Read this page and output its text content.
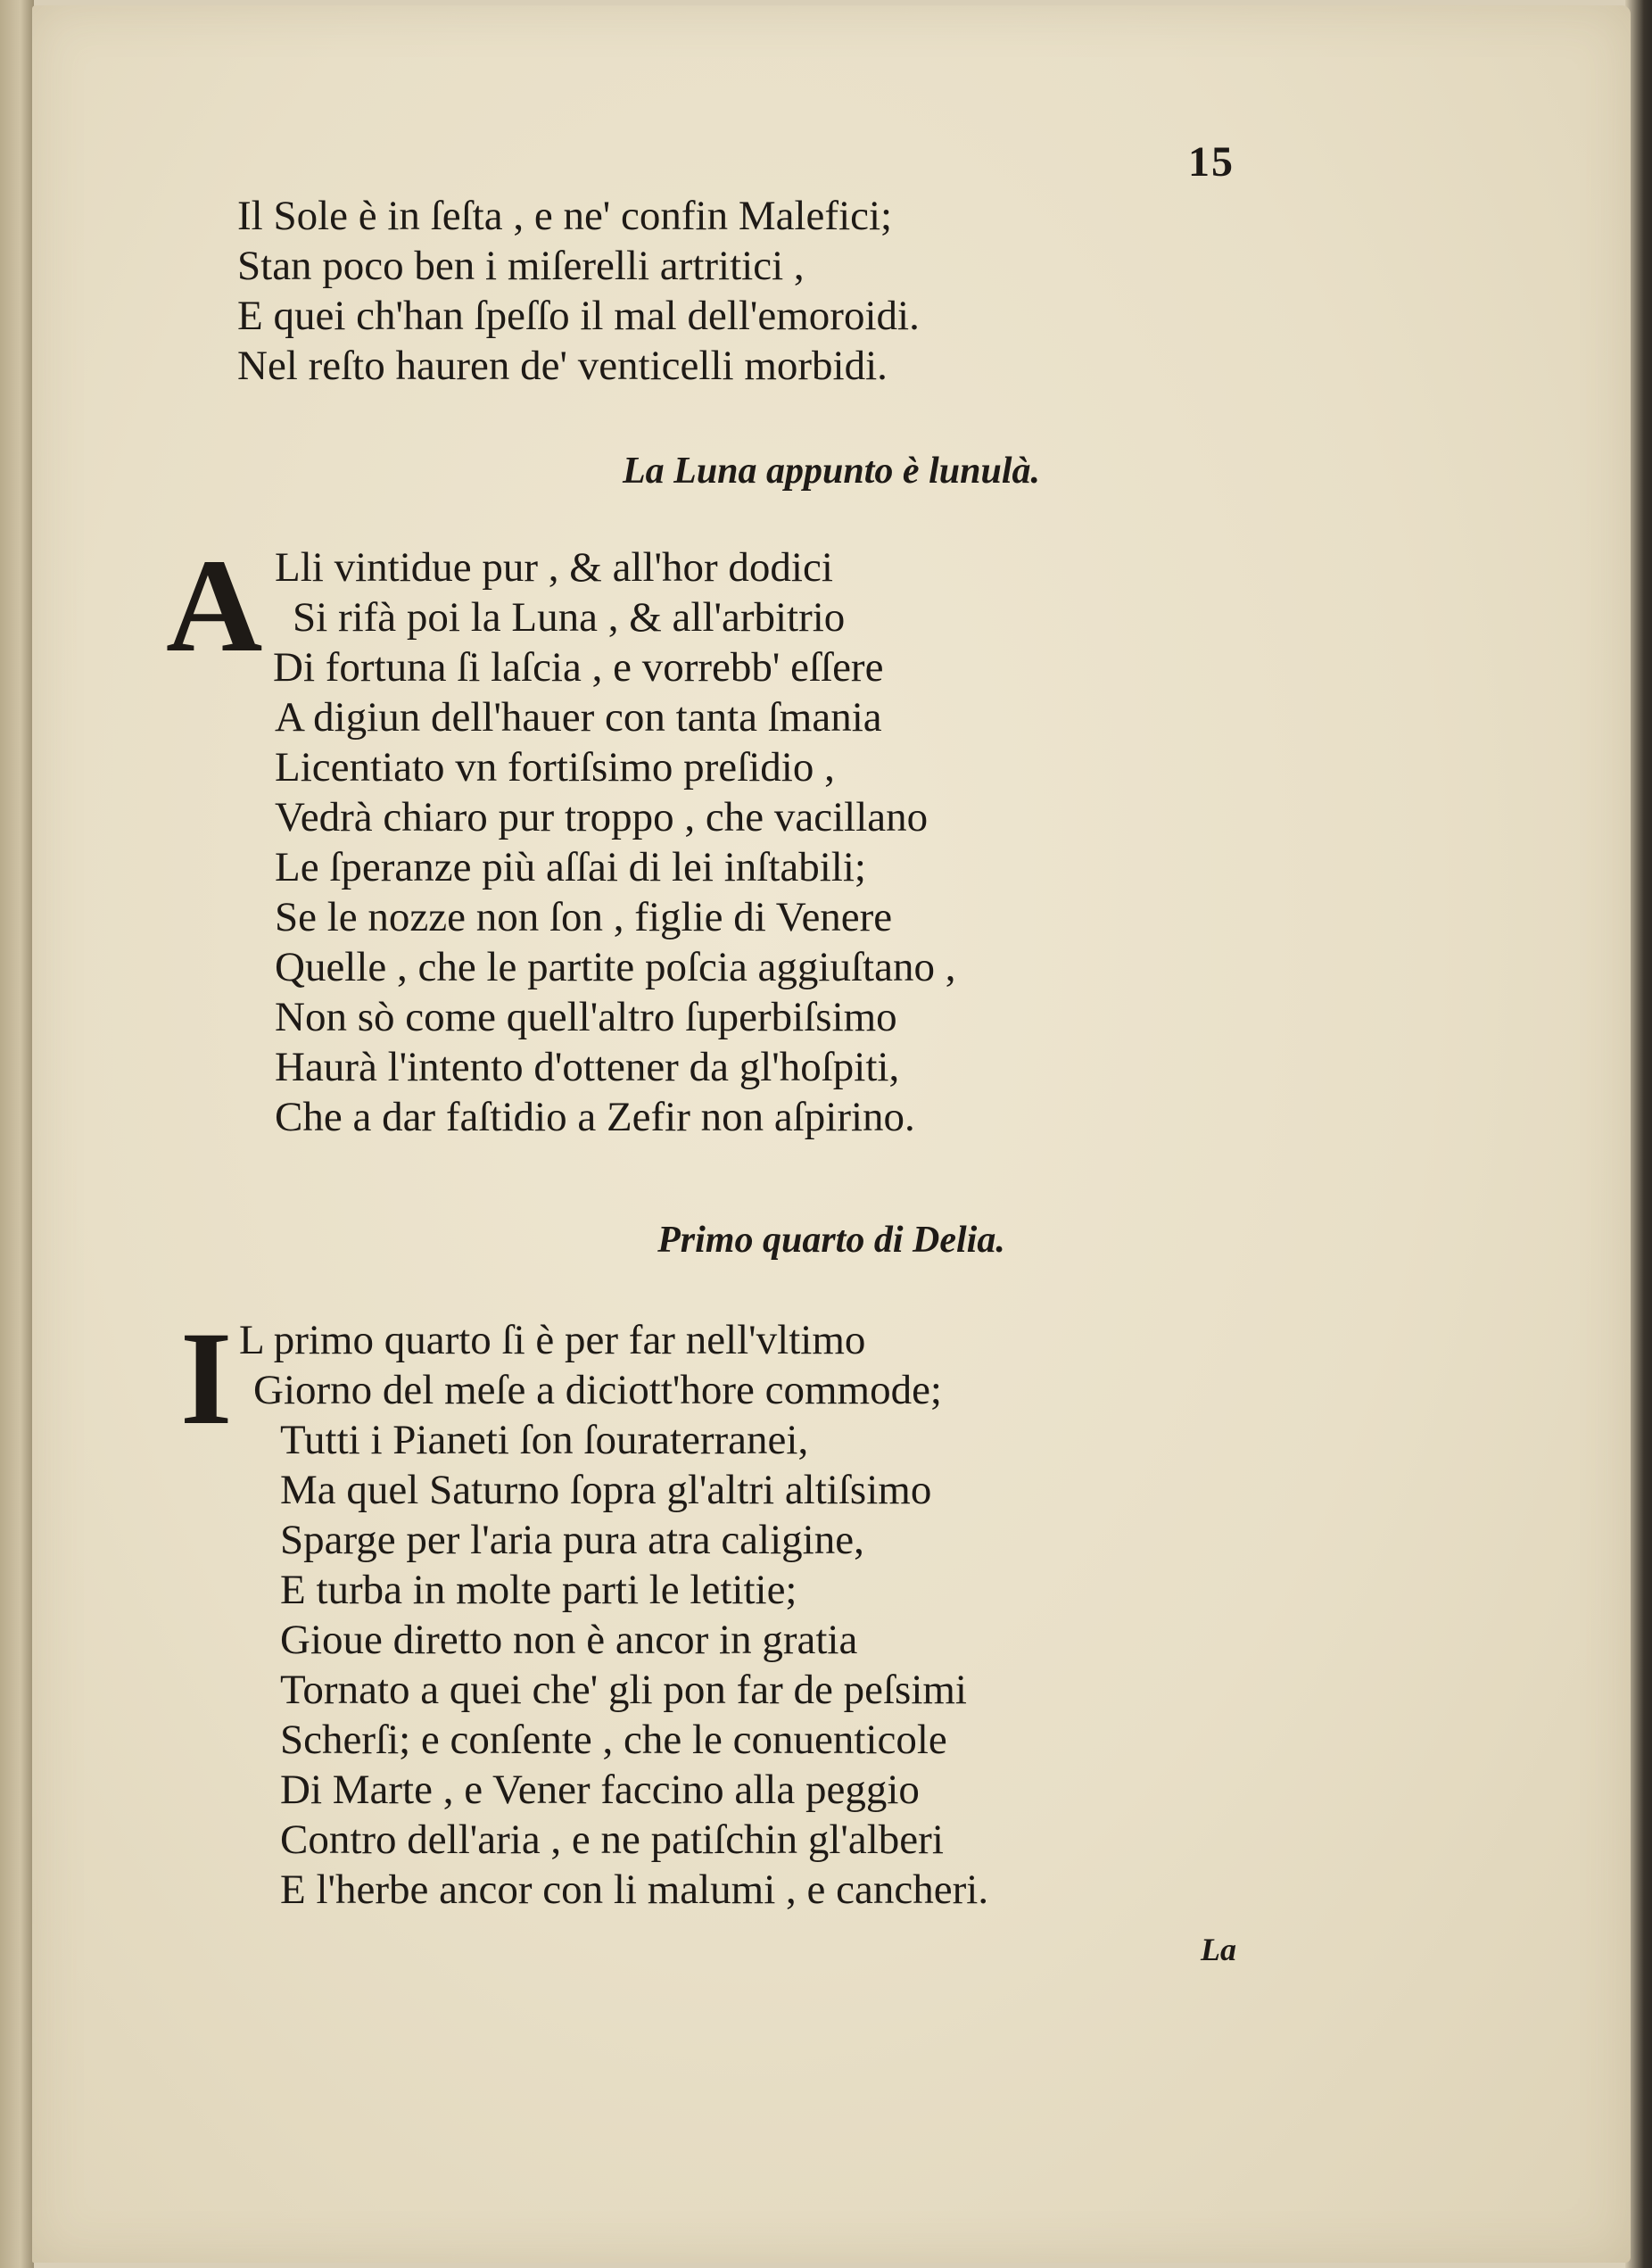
15
Il Sole è in ſeſta , e ne' confin Malefici;
Stan poco ben i miſerelli artritici ,
E quei ch'han ſpeſſo il mal dell'emoroidi.
Nel reſto hauren de' venticelli morbidi.
La Luna appunto è lunulà.
A Lli vintidue pur , & all'hor dodici
Si rifà poi la Luna , & all'arbitrio
Di fortuna ſi laſcia , e vorrebb' eſſere
A digiun dell'hauer con tanta ſmania
Licentiato vn fortiſsimo preſidio ,
Vedrà chiaro pur troppo , che vacillano
Le ſperanze più aſſai di lei inſtabili;
Se le nozze non ſon , figlie di Venere
Quelle , che le partite poſcia aggiuſtano ,
Non sò come quell'altro ſuperbiſsimo
Haurà l'intento d'ottener da gl'hoſpiti,
Che a dar faſtidio a Zefir non aſpirino.
Primo quarto di Delia.
I L primo quarto ſi è per far nell'vltimo
Giorno del meſe a diciott'hore commode;
Tutti i Pianeti ſon ſouraterranei,
Ma quel Saturno ſopra gl'altri altiſsimo
Sparge per l'aria pura atra caligine,
E turba in molte parti le letitie;
Gioue diretto non è ancor in gratia
Tornato a quei che' gli pon far de peſsimi
Scherſi; e conſente , che le conuenticole
Di Marte , e Vener faccino alla peggio
Contro dell'aria , e ne patiſchin gl'alberi
E l'herbe ancor con li malumi , e cancheri.
La
